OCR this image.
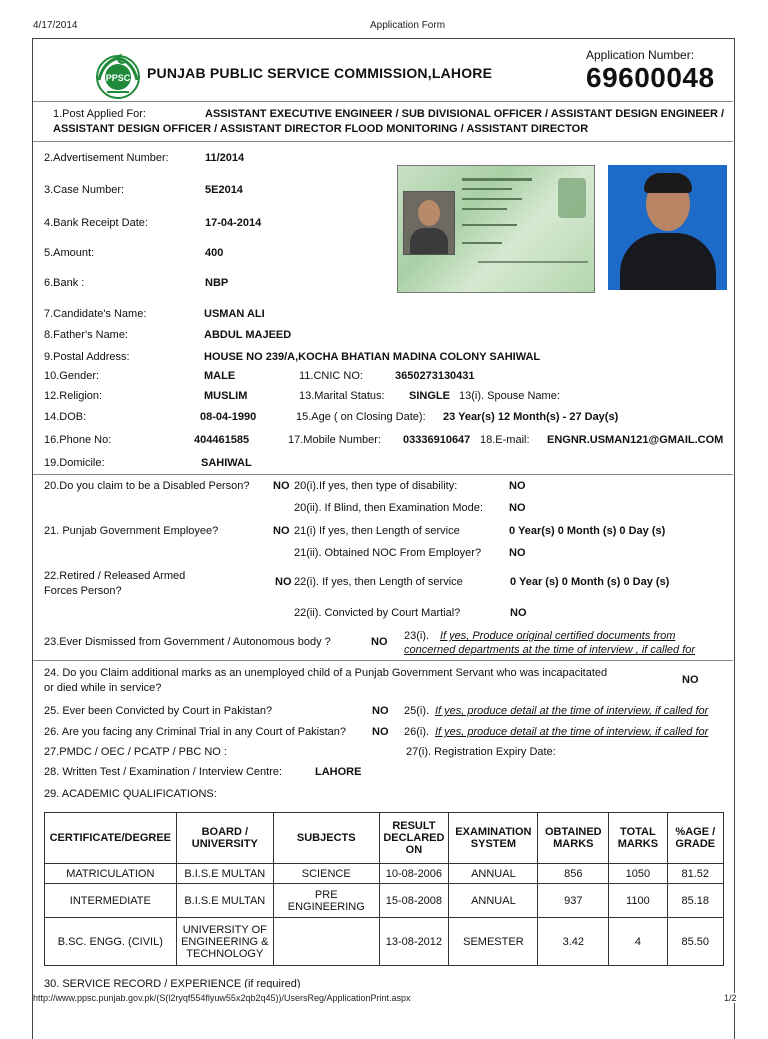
4/17/2014	Application Form
PPSC PUNJAB PUBLIC SERVICE COMMISSION,LAHORE
Application Number:
69600048
1.Post Applied For:	ASSISTANT EXECUTIVE ENGINEER / SUB DIVISIONAL OFFICER / ASSISTANT DESIGN ENGINEER /
ASSISTANT DESIGN OFFICER / ASSISTANT DIRECTOR FLOOD MONITORING / ASSISTANT DIRECTOR
2.Advertisement Number:	11/2014
3.Case Number:	5E2014
4.Bank Receipt Date:	17-04-2014
5.Amount:	400
6.Bank :	NBP
7.Candidate's Name:	USMAN ALI
8.Father's Name:	ABDUL MAJEED
9.Postal Address:	HOUSE NO 239/A,KOCHA BHATIAN MADINA COLONY SAHIWAL
10.Gender:	MALE	11.CNIC NO:	3650273130431
12.Religion:	MUSLIM	13.Marital Status: SINGLE 13(i). Spouse Name:
14.DOB:	08-04-1990	15.Age ( on Closing Date): 23 Year(s) 12 Month(s) - 27 Day(s)
16.Phone No:	404461585	17.Mobile Number: 03336910647 18.E-mail: ENGNR.USMAN121@GMAIL.COM
19.Domicile:	SAHIWAL
20.Do you claim to be a Disabled Person? NO 20(i).If yes, then type of disability:	NO
20(ii). If Blind, then Examination Mode: NO
21. Punjab Government Employee?	NO 21(i) If yes, then Length of service	0 Year(s) 0 Month (s) 0 Day (s)
21(ii). Obtained NOC From Employer?	NO
22.Retired / Released Armed
Forces Person?
NO 22(i). If yes, then Length of service	0 Year (s) 0 Month (s) 0 Day (s)
22(ii). Convicted by Court Martial?	NO
23.Ever Dismissed from Government / Autonomous body ?	NO 23(i). If yes, Produce original certified documents from
concerned departments at the time of interview , if called for
24. Do you Claim additional marks as an unemployed child of a Punjab Government Servant who was incapacitated
or died while in service?
NO
25. Ever been Convicted by Court in Pakistan?	NO 25(i). If yes, produce detail at the time of interview, if called for
26. Are you facing any Criminal Trial in any Court of Pakistan? NO 26(i). If yes, produce detail at the time of interview, if called for
27.PMDC / OEC / PCATP / PBC NO :	27(i). Registration Expiry Date:
28. Written Test / Examination / Interview Centre:	LAHORE
29. ACADEMIC QUALIFICATIONS:
CERTIFICATE/DEGREE	BOARD / UNIVERSITY	SUBJECTS	RESULT DECLARED ON	EXAMINATION SYSTEM	OBTAINED MARKS	TOTAL MARKS	%AGE / GRADE
MATRICULATION	B.I.S.E MULTAN	SCIENCE	10-08-2006	ANNUAL	856	1050	81.52
INTERMEDIATE	B.I.S.E MULTAN	PRE ENGINEERING	15-08-2008	ANNUAL	937	1100	85.18
B.SC. ENGG. (CIVIL)	UNIVERSITY OF ENGINEERING & TECHNOLOGY		13-08-2012	SEMESTER	3.42	4	85.50
30. SERVICE RECORD / EXPERIENCE (if required)
http://www.ppsc.punjab.gov.pk/(S(l2ryqf554flyuw55x2qb2q45))/UsersReg/ApplicationPrint.aspx	1/2
